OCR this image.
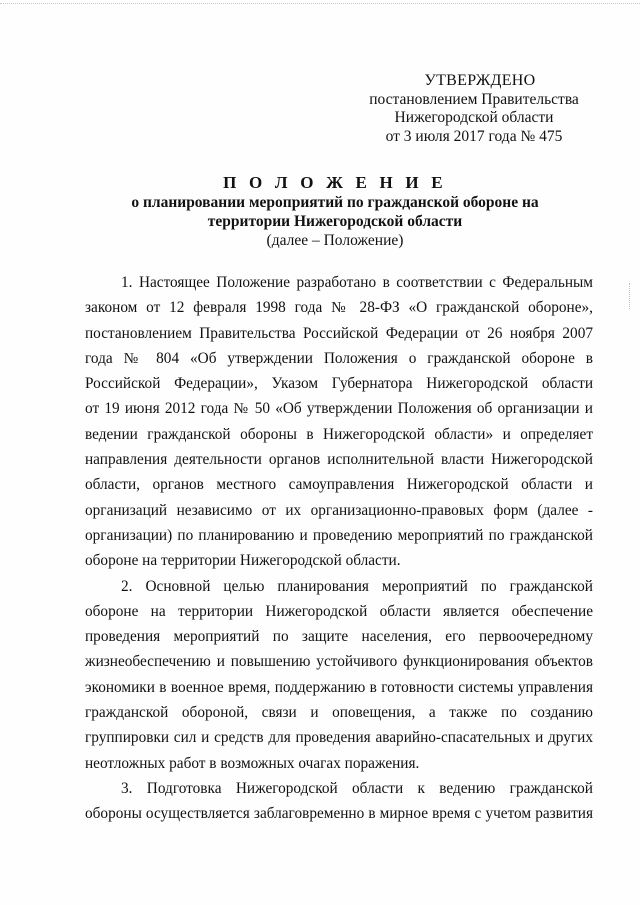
УТВЕРЖДЕНО
постановлением Правительства
Нижегородской области
от 3 июля 2017 года № 475
П О Л О Ж Е Н И Е
о планировании мероприятий по гражданской обороне на
территории Нижегородской области
(далее – Положение)
1. Настоящее Положение разработано в соответствии с Федеральным
законом от 12 февраля 1998 года № 28-ФЗ «О гражданской обороне»,
постановлением Правительства Российской Федерации от 26 ноября 2007
года № 804 «Об утверждении Положения о гражданской обороне в
Российской Федерации», Указом Губернатора Нижегородской области
от 19 июня 2012 года № 50 «Об утверждении Положения об организации и
ведении гражданской обороны в Нижегородской области» и определяет
направления деятельности органов исполнительной власти Нижегородской
области, органов местного самоуправления Нижегородской области и
организаций независимо от их организационно-правовых форм (далее -
организации) по планированию и проведению мероприятий по гражданской
обороне на территории Нижегородской области.
2. Основной целью планирования мероприятий по гражданской
обороне на территории Нижегородской области является обеспечение
проведения мероприятий по защите населения, его первоочередному
жизнеобеспечению и повышению устойчивого функционирования объектов
экономики в военное время, поддержанию в готовности системы управления
гражданской обороной, связи и оповещения, а также по созданию
группировки сил и средств для проведения аварийно-спасательных и других
неотложных работ в возможных очагах поражения.
3. Подготовка Нижегородской области к ведению гражданской
обороны осуществляется заблаговременно в мирное время с учетом развития
